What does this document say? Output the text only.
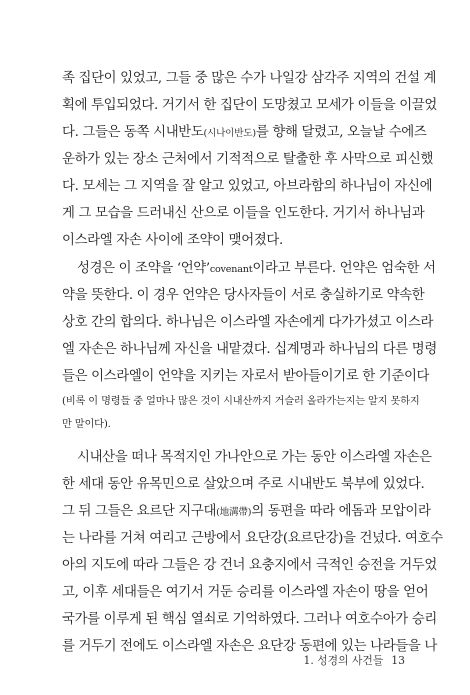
족 집단이 있었고, 그들 중 많은 수가 나일강 삼각주 지역의 건설 계
획에 투입되었다. 거기서 한 집단이 도망쳤고 모세가 이들을 이끌었
다. 그들은 동쪽 시내반도(시나이반도)를 향해 달렸고, 오늘날 수에즈
운하가 있는 장소 근처에서 기적적으로 탈출한 후 사막으로 피신했
다. 모세는 그 지역을 잘 알고 있었고, 아브라함의 하나님이 자신에
게 그 모습을 드러내신 산으로 이들을 인도한다. 거기서 하나님과
이스라엘 자손 사이에 조약이 맺어졌다.
성경은 이 조약을 ‘언약’covenant이라고 부른다. 언약은 엄숙한 서
약을 뜻한다. 이 경우 언약은 당사자들이 서로 충실하기로 약속한
상호 간의 합의다. 하나님은 이스라엘 자손에게 다가가셨고 이스라
엘 자손은 하나님께 자신을 내맡겼다. 십계명과 하나님의 다른 명령
들은 이스라엘이 언약을 지키는 자로서 받아들이기로 한 기준이다
(비록 이 명령들 중 얼마나 많은 것이 시내산까지 거슬러 올라가는지는 알지 못하지
만 말이다).
시내산을 떠나 목적지인 가나안으로 가는 동안 이스라엘 자손은
한 세대 동안 유목민으로 살았으며 주로 시내반도 북부에 있었다.
그 뒤 그들은 요르단 지구대(地溝帶)의 동편을 따라 에돔과 모압이라
는 나라를 거쳐 여리고 근방에서 요단강(요르단강)을 건넜다. 여호수
아의 지도에 따라 그들은 강 건너 요충지에서 극적인 승전을 거두었
고, 이후 세대들은 여기서 거둔 승리를 이스라엘 자손이 땅을 얻어
국가를 이루게 된 핵심 열쇠로 기억하였다. 그러나 여호수아가 승리
를 거두기 전에도 이스라엘 자손은 요단강 동편에 있는 나라들을 나
1. 성경의 사건들 13
